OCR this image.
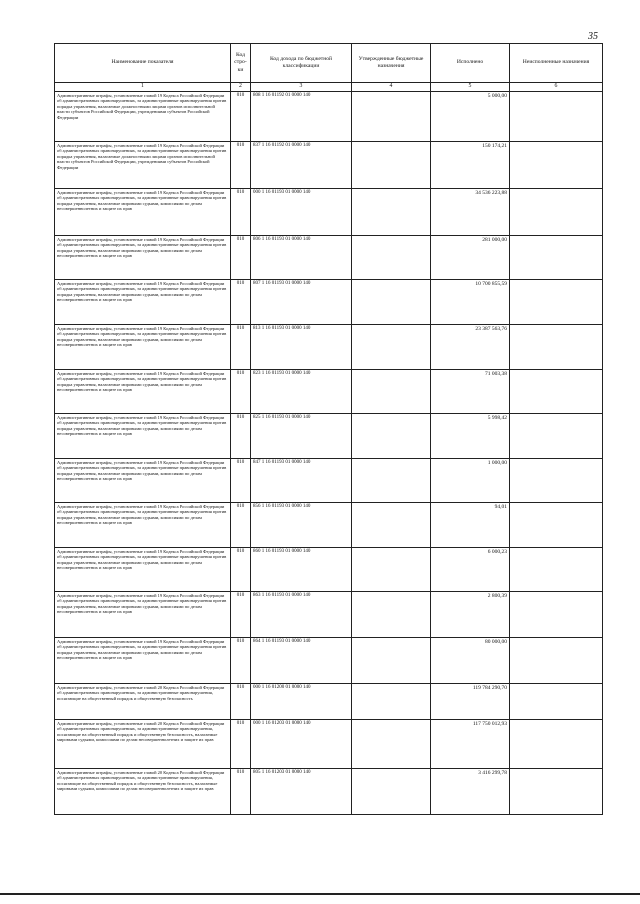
35
Наименование показателя	Код стро-ки	Код дохода по бюджетной классификации	Утвержденные бюджетные назначения	Исполнено	Неисполненные назначения
1	2	3	4	5	6
Административные штрафы, установленные главой 19 Кодекса Российской Федерации об административных правонарушениях, за административные правонарушения против порядка управления, налагаемые должностными лицами органов исполнительной власти субъектов Российской Федерации, учреждениями субъектов Российской Федерации	010	808 1 16 01192 01 0000 140		5 000,00	
Административные штрафы, установленные главой 19 Кодекса Российской Федерации об административных правонарушениях, за административные правонарушения против порядка управления, налагаемые должностными лицами органов исполнительной власти субъектов Российской Федерации, учреждениями субъектов Российской Федерации	010	837 1 16 01192 01 0000 140		150 174,21	
Административные штрафы, установленные главой 19 Кодекса Российской Федерации об административных правонарушениях, за административные правонарушения против порядка управления, налагаемые мировыми судьями, комиссиями по делам несовершеннолетних и защите их прав	010	000 1 16 01193 01 0000 140		34 536 223,88	
Административные штрафы, установленные главой 19 Кодекса Российской Федерации об административных правонарушениях, за административные правонарушения против порядка управления, налагаемые мировыми судьями, комиссиями по делам несовершеннолетних и защите их прав	010	806 1 16 01193 01 0000 140		281 000,00	
Административные штрафы, установленные главой 19 Кодекса Российской Федерации об административных правонарушениях, за административные правонарушения против порядка управления, налагаемые мировыми судьями, комиссиями по делам несовершеннолетних и защите их прав	010	807 1 16 01193 01 0000 140		10 700 855,59	
Административные штрафы, установленные главой 19 Кодекса Российской Федерации об административных правонарушениях, за административные правонарушения против порядка управления, налагаемые мировыми судьями, комиссиями по делам несовершеннолетних и защите их прав	010	813 1 16 01193 01 0000 140		23 387 563,76	
Административные штрафы, установленные главой 19 Кодекса Российской Федерации об административных правонарушениях, за административные правонарушения против порядка управления, налагаемые мировыми судьями, комиссиями по делам несовершеннолетних и защите их прав	010	823 1 16 01193 01 0000 140		71 003,38	
Административные штрафы, установленные главой 19 Кодекса Российской Федерации об административных правонарушениях, за административные правонарушения против порядка управления, налагаемые мировыми судьями, комиссиями по делам несовершеннолетних и защите их прав	010	825 1 16 01193 01 0000 140		5 998,42	
Административные штрафы, установленные главой 19 Кодекса Российской Федерации об административных правонарушениях, за административные правонарушения против порядка управления, налагаемые мировыми судьями, комиссиями по делам несовершеннолетних и защите их прав	010	847 1 16 01193 01 0000 140		1 000,00	
Административные штрафы, установленные главой 19 Кодекса Российской Федерации об административных правонарушениях, за административные правонарушения против порядка управления, налагаемые мировыми судьями, комиссиями по делам несовершеннолетних и защите их прав	010	856 1 16 01193 01 0000 140		94,01	
Административные штрафы, установленные главой 19 Кодекса Российской Федерации об административных правонарушениях, за административные правонарушения против порядка управления, налагаемые мировыми судьями, комиссиями по делам несовершеннолетних и защите их прав	010	860 1 16 01193 01 0000 140		6 000,23	
Административные штрафы, установленные главой 19 Кодекса Российской Федерации об административных правонарушениях, за административные правонарушения против порядка управления, налагаемые мировыми судьями, комиссиями по делам несовершеннолетних и защите их прав	010	863 1 16 01193 01 0000 140		2 800,39	
Административные штрафы, установленные главой 19 Кодекса Российской Федерации об административных правонарушениях, за административные правонарушения против порядка управления, налагаемые мировыми судьями, комиссиями по делам несовершеннолетних и защите их прав	010	864 1 16 01193 01 0000 140		80 000,00	
Административные штрафы, установленные главой 20 Кодекса Российской Федерации об административных правонарушениях, за административные правонарушения, посягающие на общественный порядок и общественную безопасность	010	000 1 16 01200 01 0000 140		119 784 290,70	
Административные штрафы, установленные главой 20 Кодекса Российской Федерации об административных правонарушениях, за административные правонарушения, посягающие на общественный порядок и общественную безопасность, налагаемые мировыми судьями, комиссиями по делам несовершеннолетних и защите их прав	010	000 1 16 01203 01 0000 140		117 750 012,93	
Административные штрафы, установленные главой 20 Кодекса Российской Федерации об административных правонарушениях, за административные правонарушения, посягающие на общественный порядок и общественную безопасность, налагаемые мировыми судьями, комиссиями по делам несовершеннолетних и защите их прав	010	805 1 16 01203 01 0000 140		3 416 299,78	
